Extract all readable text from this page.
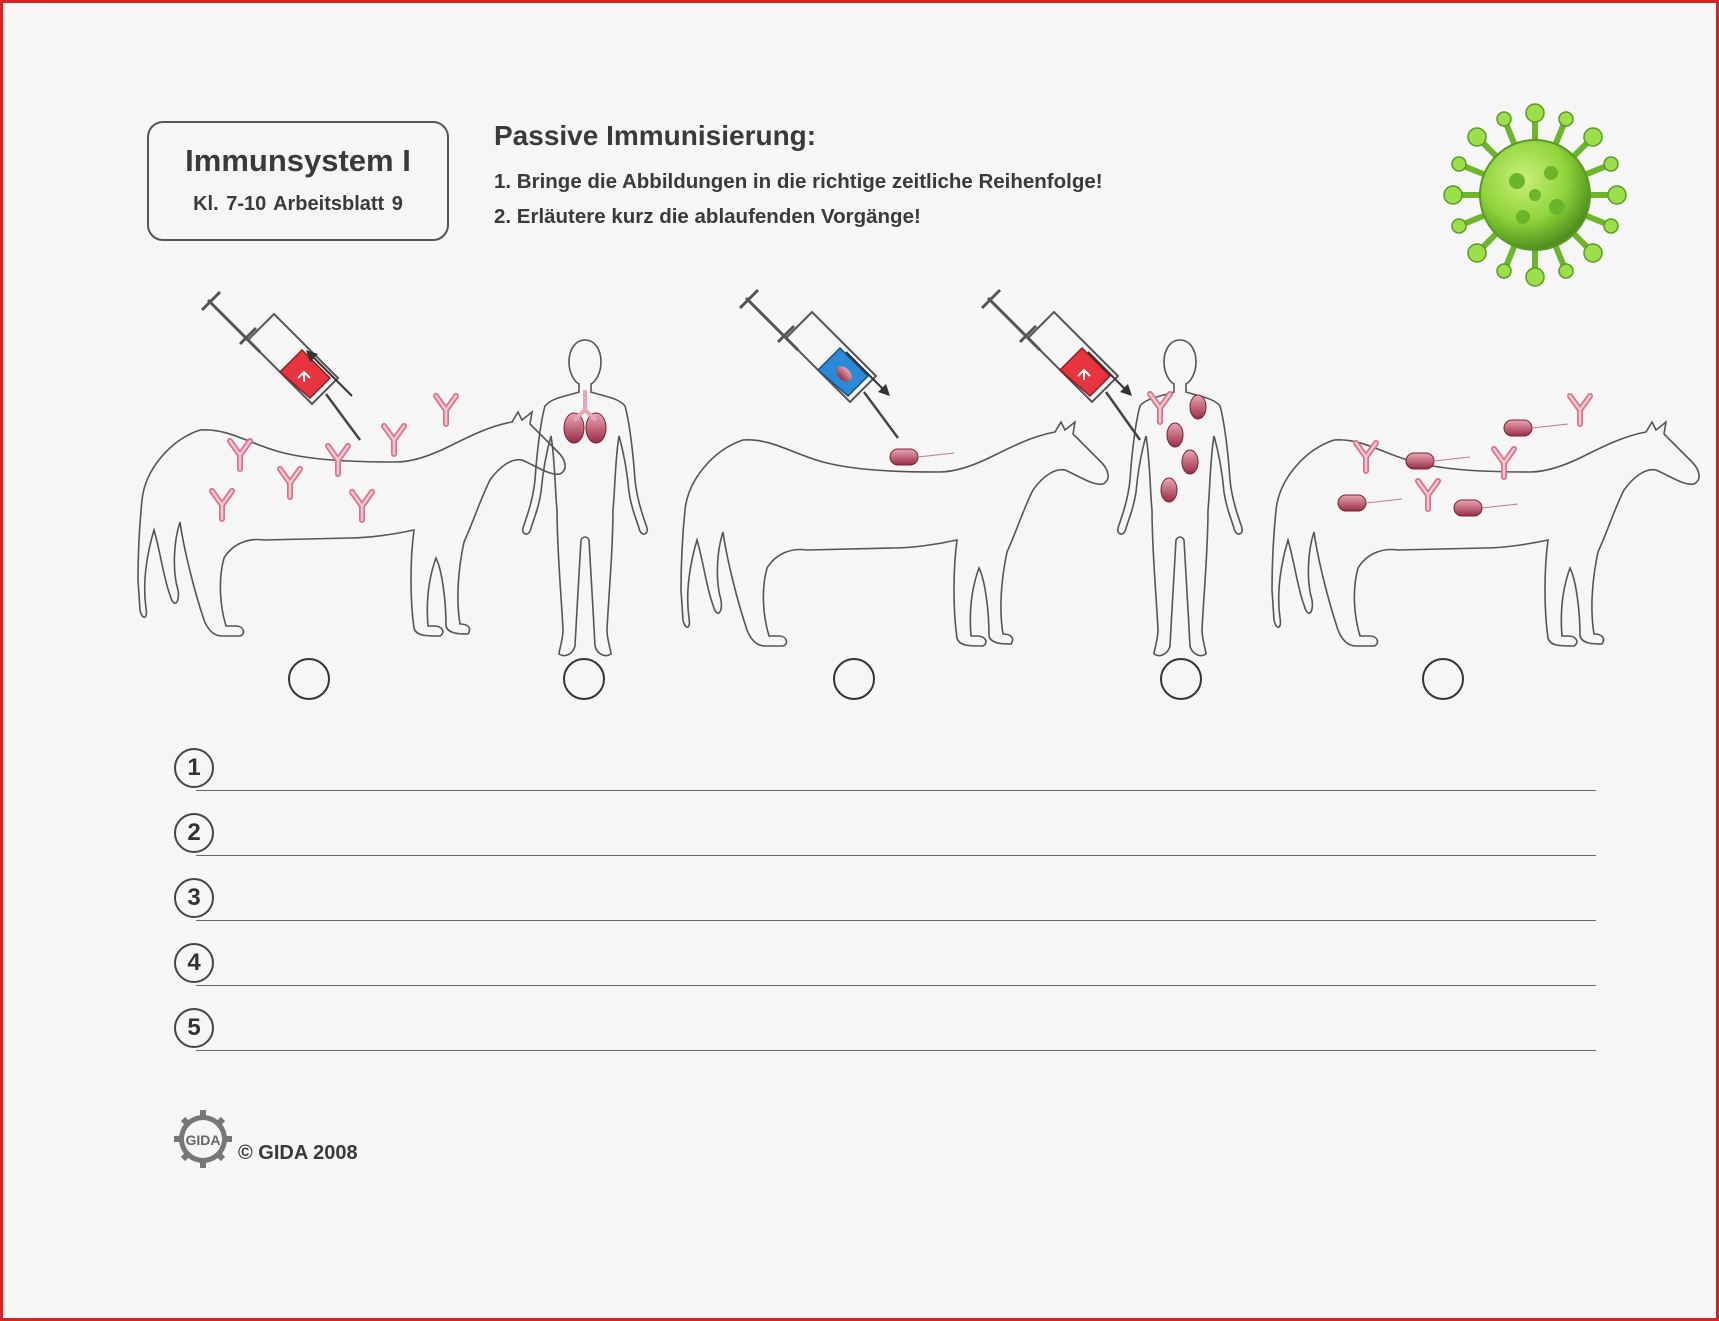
Immunsystem I
Kl. 7-10 Arbeitsblatt 9
Passive Immunisierung:
1. Bringe die Abbildungen in die richtige zeitliche Reihenfolge!
2. Erläutere kurz die ablaufenden Vorgänge!
GIDA
1
2
3
4
5
© GIDA 2008
